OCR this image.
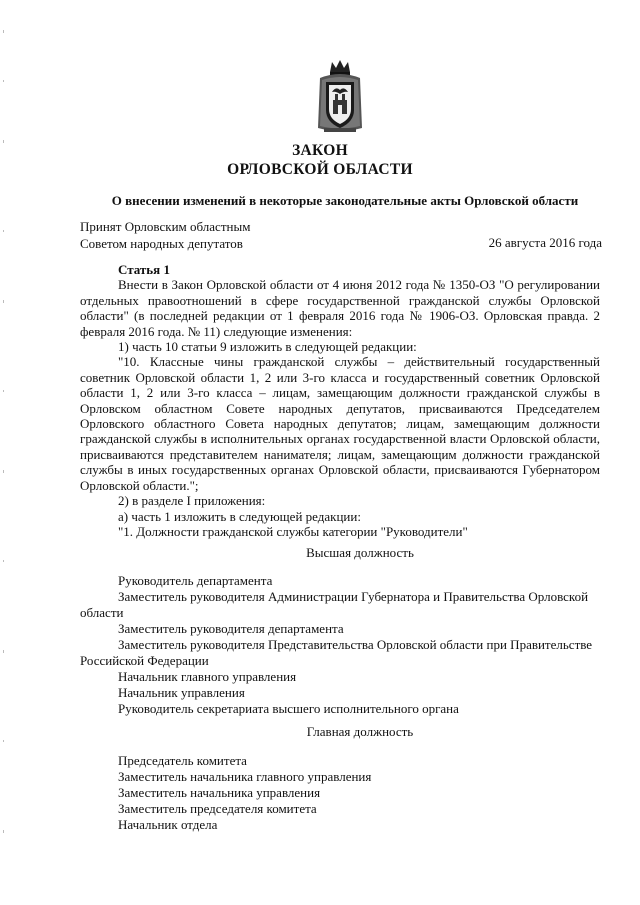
ЗАКОН
ОРЛОВСКОЙ ОБЛАСТИ
О внесении изменений в некоторые законодательные акты Орловской области
Принят Орловским областным
Советом народных депутатов	26 августа 2016 года

Статья 1

Внести в Закон Орловской области от 4 июня 2012 года № 1350-ОЗ "О регулировании отдельных правоотношений в сфере государственной гражданской службы Орловской области" (в последней редакции от 1 февраля 2016 года № 1906-ОЗ. Орловская правда. 2 февраля 2016 года. № 11) следующие изменения:

1) часть 10 статьи 9 изложить в следующей редакции:

"10. Классные чины гражданской службы – действительный государственный советник Орловской области 1, 2 или 3-го класса и государственный советник Орловской области 1, 2 или 3-го класса – лицам, замещающим должности гражданской службы в Орловском областном Совете народных депутатов, присваиваются Председателем Орловского областного Совета народных депутатов; лицам, замещающим должности гражданской службы в исполнительных органах государственной власти Орловской области, присваиваются представителем нанимателя; лицам, замещающим должности гражданской службы в иных государственных органах Орловской области, присваиваются Губернатором Орловской области.";

2) в разделе I приложения:

а) часть 1 изложить в следующей редакции:

"1. Должности гражданской службы категории "Руководители"

Высшая должность
Руководитель департамента
Заместитель руководителя Администрации Губернатора и Правительства Орловской области
Заместитель руководителя департамента
Заместитель руководителя Представительства Орловской области при Правительстве Российской Федерации
Начальник главного управления
Начальник управления
Руководитель секретариата высшего исполнительного органа
Главная должность
Председатель комитета
Заместитель начальника главного управления
Заместитель начальника управления
Заместитель председателя комитета
Начальник отдела
